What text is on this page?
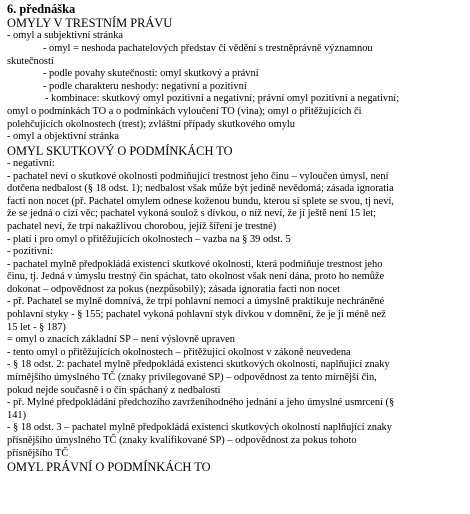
6. přednáška
OMYLY V TRESTNÍM PRÁVU
- omyl a subjektivní stránka
- omyl = neshoda pachatelových představ či vědění s trestněprávně významnou
skutečností
- podle povahy skutečnosti: omyl skutkový a právní
- podle charakteru neshody: negativní a pozitivní
- kombinace: skutkový omyl pozitivní a negativní; právní omyl pozitivní a negativní;
omyl o podmínkách TO a o podmínkách vyloučení TO (vina); omyl o přitěžujících či
polehčujících okolnostech (trest); zvláštní případy skutkového omylu
- omyl a objektivní stránka
OMYL SKUTKOVÝ O PODMÍNKÁCH TO
- negativní:
- pachatel neví o skutkové okolnosti podmiňující trestnost jeho činu – vyloučen úmysl, není
dotčena nedbalost (§ 18 odst. 1); nedbalost však může být jedině nevědomá; zásada ignoratia
facti non nocet (př. Pachatel omylem odnese koženou bundu, kterou si splete se svou, tj neví,
že se jedná o cizí věc; pachatel vykoná soulož s dívkou, o níž neví, že jí ještě není 15 let;
pachatel neví, že trpí nakažlivou chorobou, jejíž šíření je trestné)
- platí i pro omyl o přitěžujících okolnostech – vazba na § 39 odst. 5
- pozitivní:
- pachatel mylně předpokládá existenci skutkové okolnosti, která podmiňuje trestnost jeho
činu, tj. Jedná v úmyslu trestný čin spáchat, tato okolnost však není dána, proto ho nemůže
dokonat – odpovědnost za pokus (nezpůsobilý); zásada ignoratia facti non nocet
- př. Pachatel se mylně domnívá, že trpí pohlavní nemocí a úmyslně praktikuje nechráněné
pohlavní styky - § 155; pachatel vykoná pohlavní styk dívkou v domnění, že je jí méně než
15 let - § 187)
= omyl o znacích základní SP – není výslovně upraven
- tento omyl o přitěžujících okolnostech – přitěžující okolnost v zákoně neuvedena
- § 18 odst. 2: pachatel mylně předpokládá existenci skutkových okolností, naplňující znaky
mírnějšího úmyslného TČ (znaky privilegované SP) – odpovědnost za tento mírnější čin,
pokud nejde současně i o čin spáchaný z nedbalosti
- př. Mylné předpokládání předchozího zavrženíhodného jednání a jeho úmyslné usmrcení (§
141)
- § 18 odst. 3 – pachatel mylně předpokládá existenci skutkových okolností naplňující znaky
přísnějšího úmyslného TČ (znaky kvalifikované SP) – odpovědnost za pokus tohoto
přísnějšího TČ
OMYL PRÁVNÍ O PODMÍNKÁCH TO
